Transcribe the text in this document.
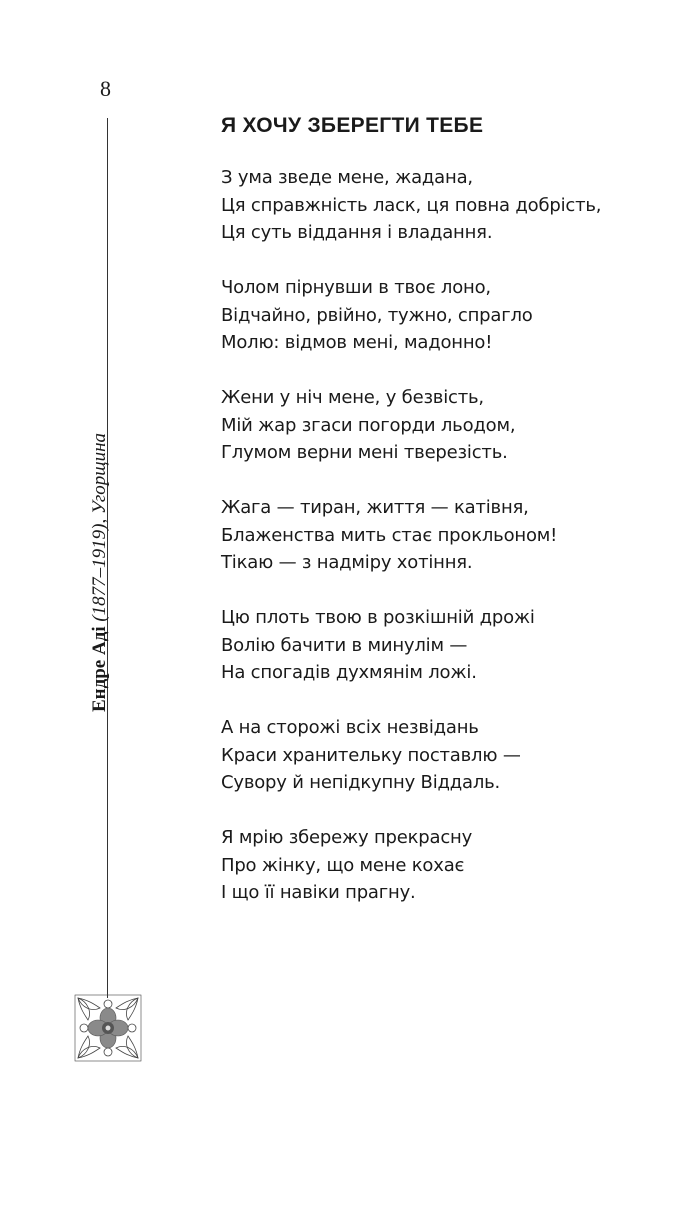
8
Ендре Аді (1877–1919), Угорщина
Я ХОЧУ ЗБЕРЕГТИ ТЕБЕ
З ума зведе мене, жадана,
Ця справжність ласк, ця повна добрість,
Ця суть віддання і владання.
Чолом пірнувши в твоє лоно,
Відчайно, рвійно, тужно, спрагло
Молю: відмов мені, мадонно!
Жени у ніч мене, у безвість,
Мій жар згаси погорди льодом,
Глумом верни мені тверезість.
Жага — тиран, життя — катівня,
Блаженства мить стає прокльоном!
Тікаю — з надміру хотіння.
Цю плоть твою в розкішній дрожі
Волію бачити в минулім —
На спогадів духмянім ложі.
А на сторожі всіх незвідань
Краси хранительку поставлю —
Сувору й непідкупну Віддаль.
Я мрію збережу прекрасну
Про жінку, що мене кохає
І що її навіки прагну.
